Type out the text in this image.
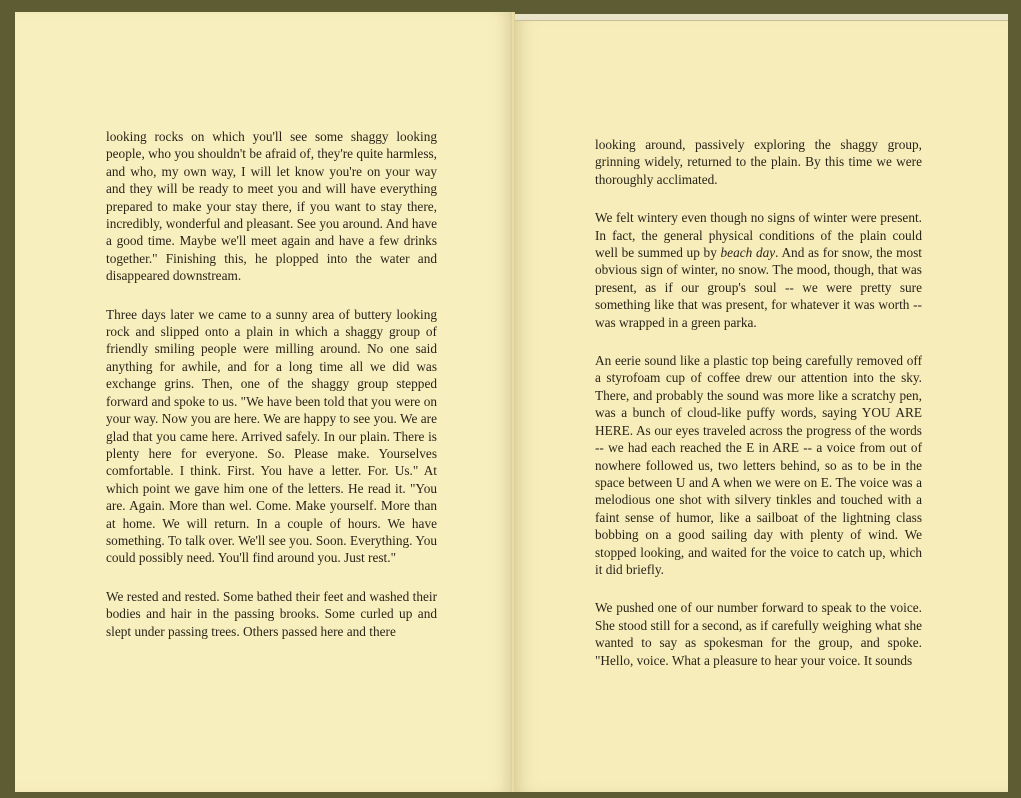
looking rocks on which you'll see some shaggy looking people, who you shouldn't be afraid of, they're quite harmless, and who, my own way, I will let know you're on your way and they will be ready to meet you and will have everything prepared to make your stay there, if you want to stay there, incredibly, wonderful and pleasant. See you around. And have a good time. Maybe we'll meet again and have a few drinks together." Finishing this, he plopped into the water and disappeared downstream.

Three days later we came to a sunny area of buttery looking rock and slipped onto a plain in which a shaggy group of friendly smiling people were milling around. No one said anything for awhile, and for a long time all we did was exchange grins. Then, one of the shaggy group stepped forward and spoke to us. "We have been told that you were on your way. Now you are here. We are happy to see you. We are glad that you came here. Arrived safely. In our plain. There is plenty here for everyone. So. Please make. Yourselves comfortable. I think. First. You have a letter. For. Us." At which point we gave him one of the letters. He read it. "You are. Again. More than wel. Come. Make yourself. More than at home. We will return. In a couple of hours. We have something. To talk over. We'll see you. Soon. Everything. You could possibly need. You'll find around you. Just rest."

We rested and rested. Some bathed their feet and washed their bodies and hair in the passing brooks. Some curled up and slept under passing trees. Others passed here and there

looking around, passively exploring the shaggy group, grinning widely, returned to the plain. By this time we were thoroughly acclimated.

We felt wintery even though no signs of winter were present. In fact, the general physical conditions of the plain could well be summed up by beach day. And as for snow, the most obvious sign of winter, no snow. The mood, though, that was present, as if our group's soul -- we were pretty sure something like that was present, for whatever it was worth -- was wrapped in a green parka.

An eerie sound like a plastic top being carefully removed off a styrofoam cup of coffee drew our attention into the sky. There, and probably the sound was more like a scratchy pen, was a bunch of cloud-like puffy words, saying YOU ARE HERE. As our eyes traveled across the progress of the words -- we had each reached the E in ARE -- a voice from out of nowhere followed us, two letters behind, so as to be in the space between U and A when we were on E. The voice was a melodious one shot with silvery tinkles and touched with a faint sense of humor, like a sailboat of the lightning class bobbing on a good sailing day with plenty of wind. We stopped looking, and waited for the voice to catch up, which it did briefly.

We pushed one of our number forward to speak to the voice. She stood still for a second, as if carefully weighing what she wanted to say as spokesman for the group, and spoke. "Hello, voice. What a pleasure to hear your voice. It sounds
